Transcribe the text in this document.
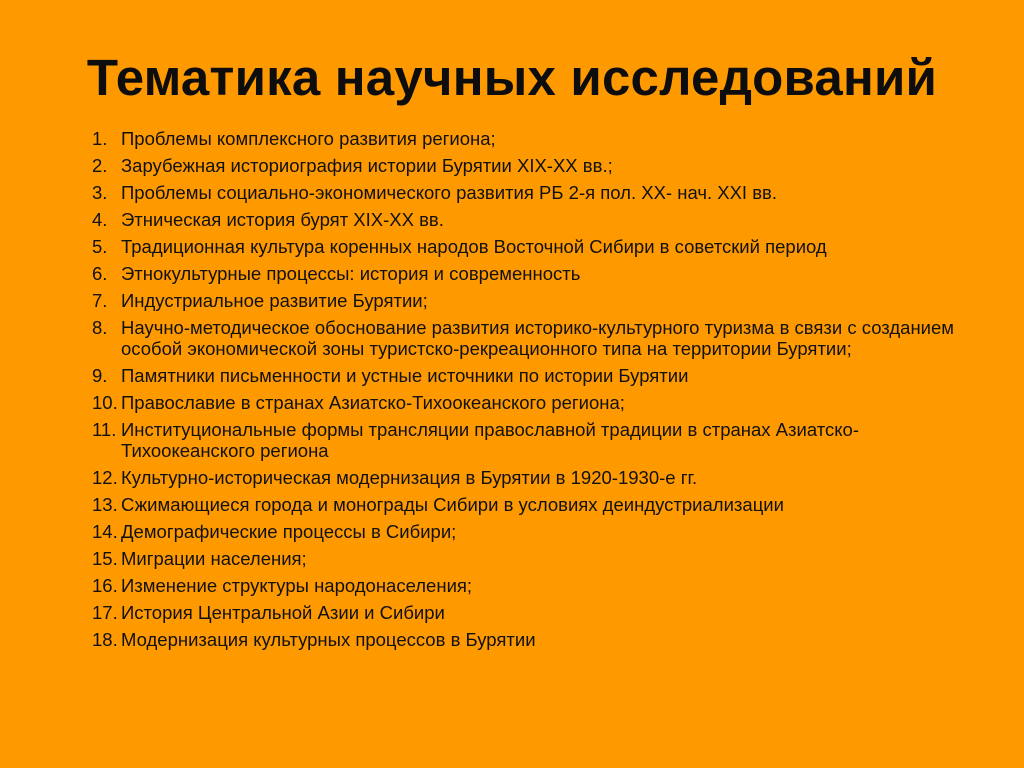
Тематика научных исследований
1. Проблемы комплексного развития региона;
2. Зарубежная историография истории Бурятии XIX-XX вв.;
3. Проблемы социально-экономического развития РБ 2-я пол. XX- нач. XXI вв.
4. Этническая история бурят XIX-XX вв.
5. Традиционная культура коренных народов Восточной Сибири в советский период
6. Этнокультурные процессы: история и современность
7. Индустриальное развитие Бурятии;
8. Научно-методическое обоснование развития историко-культурного туризма в связи с созданием особой экономической зоны туристско-рекреационного типа на территории Бурятии;
9. Памятники письменности и устные источники по истории Бурятии
10. Православие в странах Азиатско-Тихоокеанского региона;
11. Институциональные формы трансляции православной традиции в странах Азиатско-Тихоокеанского региона
12. Культурно-историческая модернизация в Бурятии в 1920-1930-е гг.
13. Сжимающиеся города и монограды Сибири в условиях деиндустриализации
14. Демографические процессы в Сибири;
15. Миграции населения;
16. Изменение структуры народонаселения;
17. История Центральной Азии и Сибири
18. Модернизация культурных процессов в Бурятии
